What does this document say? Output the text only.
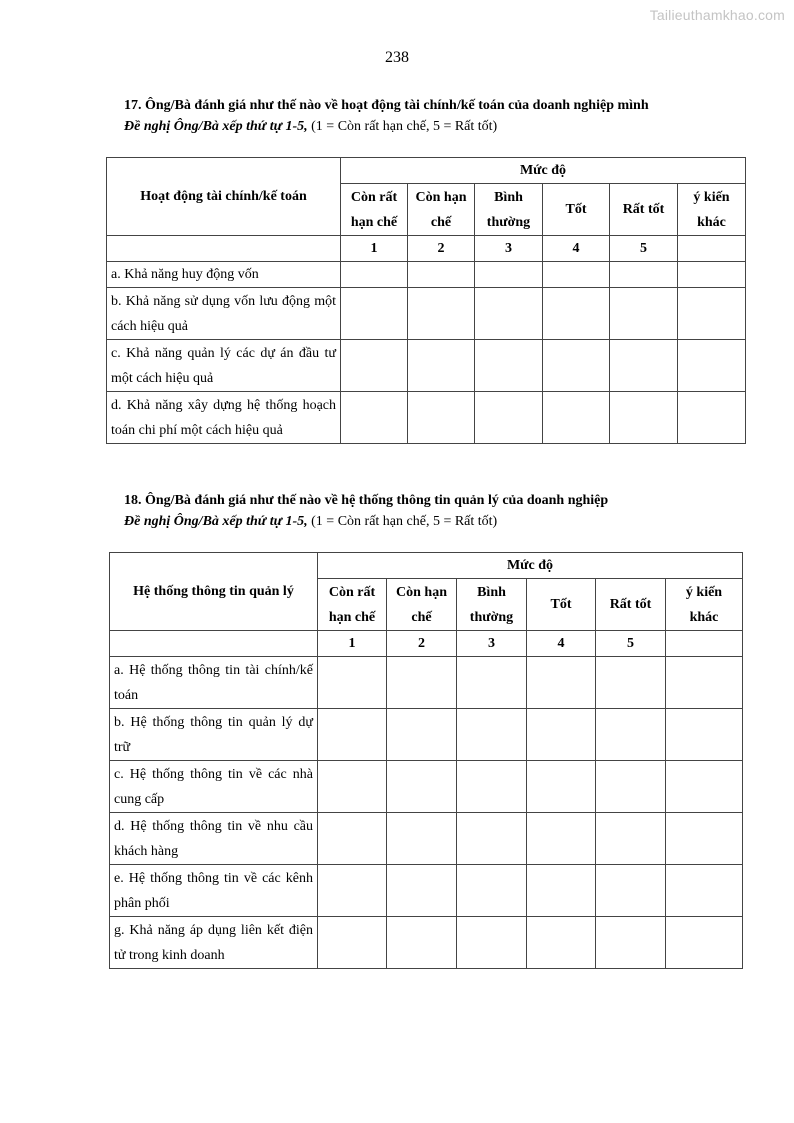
Tailieuthamkhao.com
238
17. Ông/Bà đánh giá như thế nào về hoạt động tài chính/kế toán của doanh nghiệp mình
Đề nghị Ông/Bà xếp thứ tự 1-5, (1 = Còn rất hạn chế, 5 = Rất tốt)
Hoạt động tài chính/kế toán	Mức độ					
	Còn rất hạn chế	Còn hạn chế	Bình thường	Tốt	Rất tốt	ý kiến khác
	1	2	3	4	5	
a. Khả năng huy động vốn						
b. Khả năng sử dụng vốn lưu động một cách hiệu quả						
c. Khả năng quản lý các dự án đầu tư một cách hiệu quả						
d. Khả năng xây dựng hệ thống hoạch toán chi phí một cách hiệu quả						
18. Ông/Bà đánh giá như thế nào về hệ thống thông tin quản lý của doanh nghiệp
Đề nghị Ông/Bà xếp thứ tự 1-5, (1 = Còn rất hạn chế, 5 = Rất tốt)
Hệ thống thông tin quản lý	Mức độ					
	Còn rất hạn chế	Còn hạn chế	Bình thường	Tốt	Rất tốt	ý kiến khác
	1	2	3	4	5	
a. Hệ thống thông tin tài chính/kế toán						
b. Hệ thống thông tin quản lý dự trữ						
c. Hệ thống thông tin về các nhà cung cấp						
d. Hệ thống thông tin về nhu cầu khách hàng						
e. Hệ thống thông tin về các kênh phân phối						
g. Khả năng áp dụng liên kết điện tử trong kinh doanh						
